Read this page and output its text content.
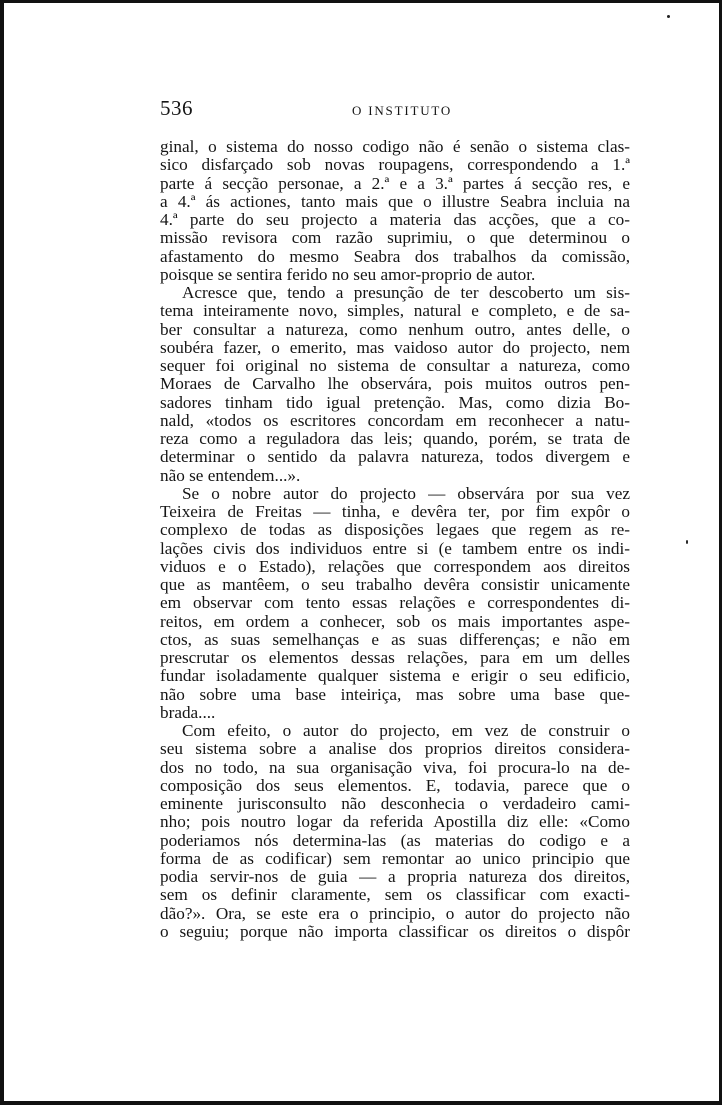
536	O INSTITUTO
ginal, o sistema do nosso codigo não é senão o sistema clas-
sico disfarçado sob novas roupagens, correspondendo a 1.ª
parte á secção personae, a 2.ª e a 3.ª partes á secção res, e
a 4.ª ás actiones, tanto mais que o illustre Seabra incluia na
4.ª parte do seu projecto a materia das acções, que a co-
missão revisora com razão suprimiu, o que determinou o
afastamento do mesmo Seabra dos trabalhos da comissão,
poisque se sentira ferido no seu amor-proprio de autor.
Acresce que, tendo a presunção de ter descoberto um sis-
tema inteiramente novo, simples, natural e completo, e de sa-
ber consultar a natureza, como nenhum outro, antes delle, o
soubéra fazer, o emerito, mas vaidoso autor do projecto, nem
sequer foi original no sistema de consultar a natureza, como
Moraes de Carvalho lhe observára, pois muitos outros pen-
sadores tinham tido igual pretenção. Mas, como dizia Bo-
nald, «todos os escritores concordam em reconhecer a natu-
reza como a reguladora das leis; quando, porém, se trata de
determinar o sentido da palavra natureza, todos divergem e
não se entendem...».
Se o nobre autor do projecto — observára por sua vez
Teixeira de Freitas — tinha, e devêra ter, por fim expôr o
complexo de todas as disposições legaes que regem as re-
lações civis dos individuos entre si (e tambem entre os indi-
viduos e o Estado), relações que correspondem aos direitos
que as mantêem, o seu trabalho devêra consistir unicamente
em observar com tento essas relações e correspondentes di-
reitos, em ordem a conhecer, sob os mais importantes aspe-
ctos, as suas semelhanças e as suas differenças; e não em
prescrutar os elementos dessas relações, para em um delles
fundar isoladamente qualquer sistema e erigir o seu edificio,
não sobre uma base inteiriça, mas sobre uma base que-
brada....
Com efeito, o autor do projecto, em vez de construir o
seu sistema sobre a analise dos proprios direitos considera-
dos no todo, na sua organisação viva, foi procura-lo na de-
composição dos seus elementos. E, todavia, parece que o
eminente jurisconsulto não desconhecia o verdadeiro cami-
nho; pois noutro logar da referida Apostilla diz elle: «Como
poderiamos nós determina-las (as materias do codigo e a
forma de as codificar) sem remontar ao unico principio que
podia servir-nos de guia — a propria natureza dos direitos,
sem os definir claramente, sem os classificar com exacti-
dão?». Ora, se este era o principio, o autor do projecto não
o seguiu; porque não importa classificar os direitos o dispôr
